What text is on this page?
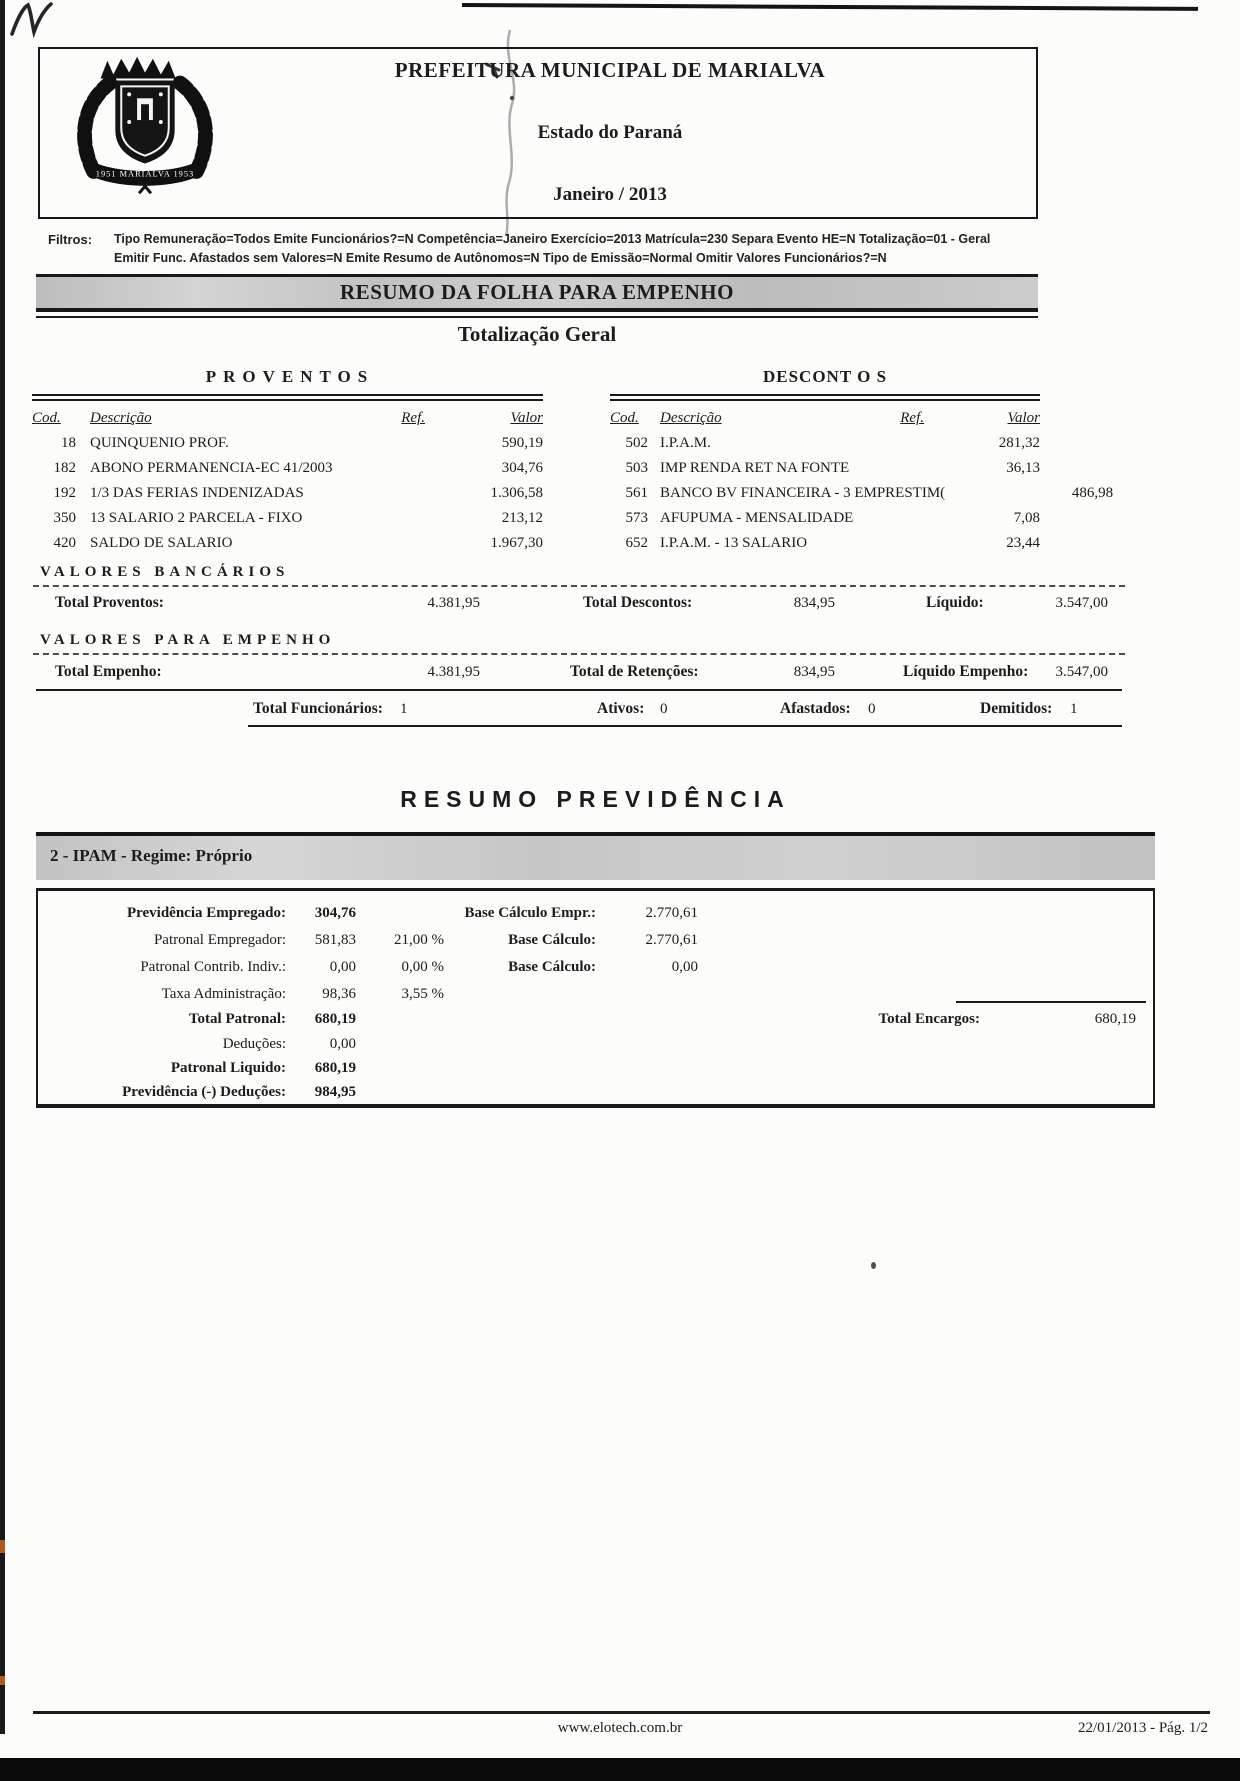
1951 MARIALVA 1953
PREFEITURA MUNICIPAL DE MARIALVA
Estado do Paraná
Janeiro / 2013
Filtros: Tipo Remuneração=Todos Emite Funcionários?=N Competência=Janeiro Exercício=2013 Matrícula=230 Separa Evento HE=N Totalização=01 - Geral
Emitir Func. Afastados sem Valores=N Emite Resumo de Autônomos=N Tipo de Emissão=Normal Omitir Valores Funcionários?=N
RESUMO DA FOLHA PARA EMPENHO
Totalização Geral
PROVENTOS
Cod.	Descrição	Ref.	Valor
18 QUINQUENIO PROF.	590,19
182 ABONO PERMANENCIA-EC 41/2003	304,76
192 1/3 DAS FERIAS INDENIZADAS	1.306,58
350 13 SALARIO 2 PARCELA - FIXO	213,12
420 SALDO DE SALARIO	1.967,30
DESCONT O S
Cod.	Descrição	Ref.	Valor
502 I.P.A.M.	281,32
503 IMP RENDA RET NA FONTE	36,13
561 BANCO BV FINANCEIRA - 3 EMPRESTIM(	486,98
573 AFUPUMA - MENSALIDADE	7,08
652 I.P.A.M. - 13 SALARIO	23,44
VALORES BANCÁRIOS
Total Proventos:	4.381,95	Total Descontos:	834,95	Líquido:	3.547,00
VALORES PARA EMPENHO
Total Empenho:	4.381,95	Total de Retenções:	834,95	Líquido Empenho:	3.547,00
Total Funcionários: 1	Ativos: 0	Afastados: 0	Demitidos: 1
RESUMO PREVIDÊNCIA
2 - IPAM - Regime: Próprio
Previdência Empregado:	304,76	Base Cálculo Empr.:	2.770,61
Patronal Empregador:	581,83	21,00 %	Base Cálculo:	2.770,61
Patronal Contrib. Indiv.:	0,00	0,00 %	Base Cálculo:	0,00
Taxa Administração:	98,36	3,55 %
Total Patronal:	680,19	Total Encargos:	680,19
Deduções:	0,00
Patronal Liquido:	680,19
Previdência (-) Deduções:	984,95
www.elotech.com.br	22/01/2013 - Pág. 1/2
